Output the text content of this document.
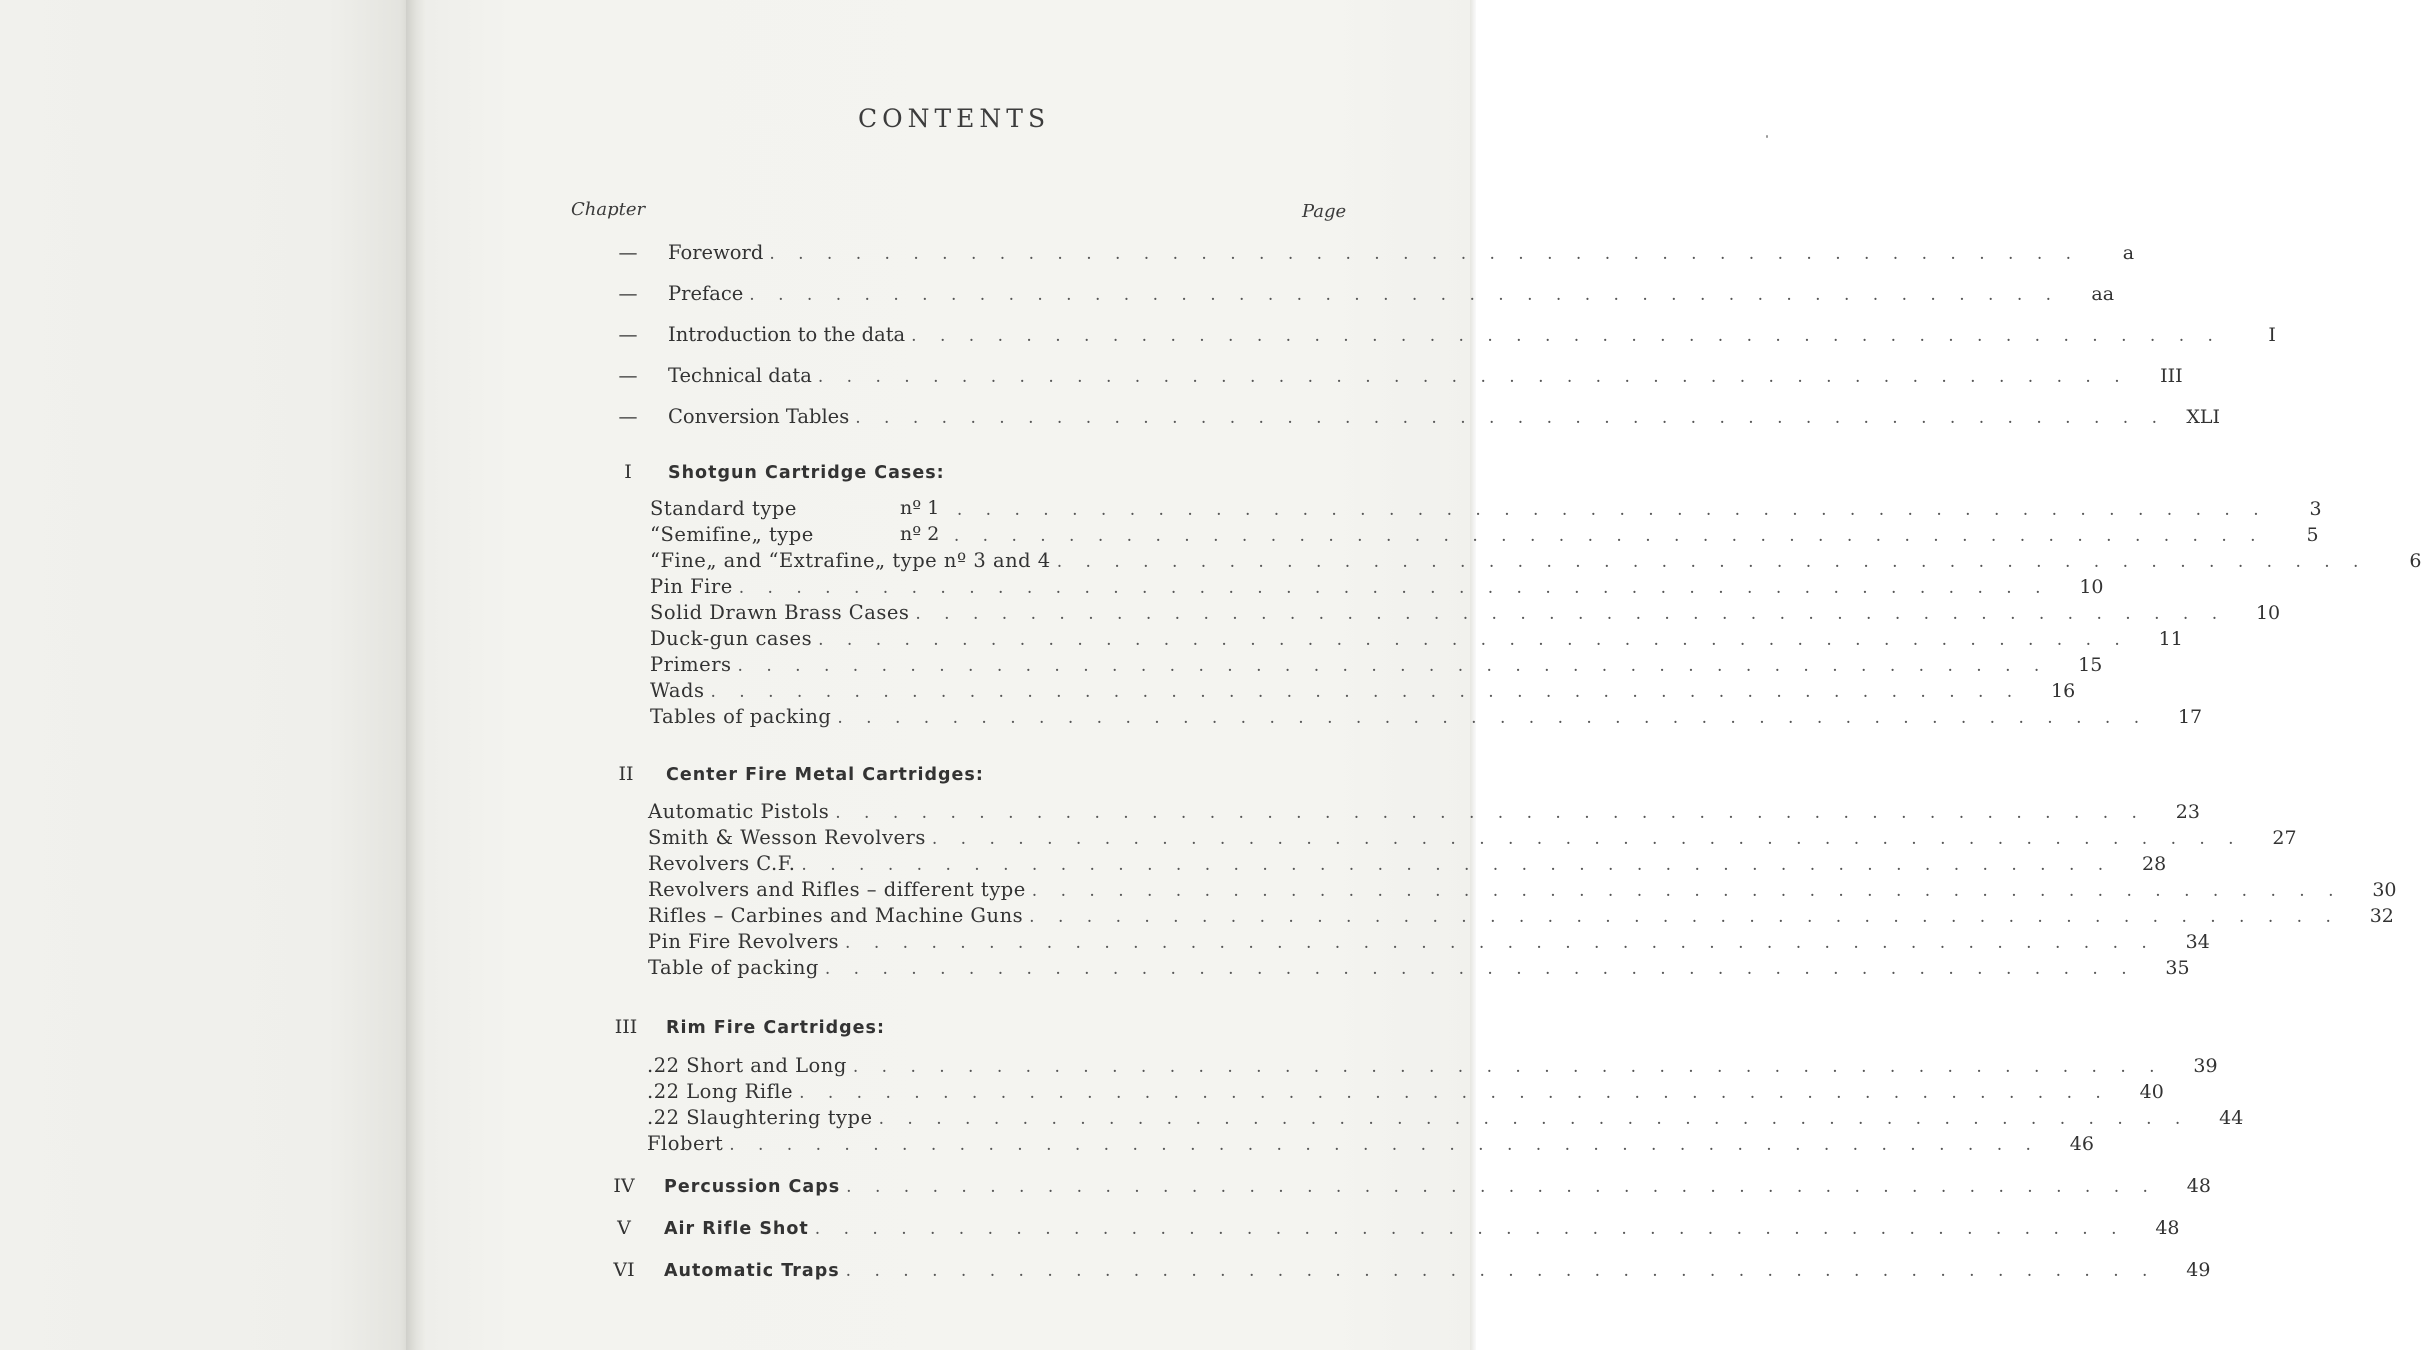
CONTENTS
Chapter	Page
—	Foreword . . . . . . . . . . . . . . . . . . . . . . . . . . . . . . . . . . . . . . . . . . . . . .	a
—	Preface . . . . . . . . . . . . . . . . . . . . . . . . . . . . . . . . . . . . . . . . . . . . . .	aa
—	Introduction to the data . . . . . . . . . . . . . . . . . . . . . . . . . . . . . . . . . . . . . . . . . . . . . .	I
—	Technical data . . . . . . . . . . . . . . . . . . . . . . . . . . . . . . . . . . . . . . . . . . . . . .	III
—	Conversion Tables . . . . . . . . . . . . . . . . . . . . . . . . . . . . . . . . . . . . . . . . . . . . . .	XLI
I	Shotgun Cartridge Cases:
Standard type	nº 1 . . . . . . . . . . . . . . . . . . . . . . . . . . . . . . . . . . . . . . . . . . . . . .	3
“Semifine„ type	nº 2 . . . . . . . . . . . . . . . . . . . . . . . . . . . . . . . . . . . . . . . . . . . . . .	5
“Fine„ and “Extrafine„ type nº 3 and 4 . . . . . . . . . . . . . . . . . . . . . . . . . . . . . . . . . . . . . . . . . . . . . .	6
Pin Fire . . . . . . . . . . . . . . . . . . . . . . . . . . . . . . . . . . . . . . . . . . . . . .	10
Solid Drawn Brass Cases . . . . . . . . . . . . . . . . . . . . . . . . . . . . . . . . . . . . . . . . . . . . . .	10
Duck-gun cases . . . . . . . . . . . . . . . . . . . . . . . . . . . . . . . . . . . . . . . . . . . . . .	11
Primers . . . . . . . . . . . . . . . . . . . . . . . . . . . . . . . . . . . . . . . . . . . . . .	15
Wads . . . . . . . . . . . . . . . . . . . . . . . . . . . . . . . . . . . . . . . . . . . . . .	16
Tables of packing . . . . . . . . . . . . . . . . . . . . . . . . . . . . . . . . . . . . . . . . . . . . . .	17
II	Center Fire Metal Cartridges:
Automatic Pistols . . . . . . . . . . . . . . . . . . . . . . . . . . . . . . . . . . . . . . . . . . . . . .	23
Smith & Wesson Revolvers . . . . . . . . . . . . . . . . . . . . . . . . . . . . . . . . . . . . . . . . . . . . . .	27
Revolvers C.F. . . . . . . . . . . . . . . . . . . . . . . . . . . . . . . . . . . . . . . . . . . . . . .	28
Revolvers and Rifles – different type . . . . . . . . . . . . . . . . . . . . . . . . . . . . . . . . . . . . . . . . . . . . . .	30
Rifles – Carbines and Machine Guns . . . . . . . . . . . . . . . . . . . . . . . . . . . . . . . . . . . . . . . . . . . . . .	32
Pin Fire Revolvers . . . . . . . . . . . . . . . . . . . . . . . . . . . . . . . . . . . . . . . . . . . . . .	34
Table of packing . . . . . . . . . . . . . . . . . . . . . . . . . . . . . . . . . . . . . . . . . . . . . .	35
III	Rim Fire Cartridges:
.22 Short and Long . . . . . . . . . . . . . . . . . . . . . . . . . . . . . . . . . . . . . . . . . . . . . .	39
.22 Long Rifle . . . . . . . . . . . . . . . . . . . . . . . . . . . . . . . . . . . . . . . . . . . . . .	40
.22 Slaughtering type . . . . . . . . . . . . . . . . . . . . . . . . . . . . . . . . . . . . . . . . . . . . . .	44
Flobert . . . . . . . . . . . . . . . . . . . . . . . . . . . . . . . . . . . . . . . . . . . . . .	46
IV	Percussion Caps . . . . . . . . . . . . . . . . . . . . . . . . . . . . . . . . . . . . . . . . . . . . . .	48
V	Air Rifle Shot . . . . . . . . . . . . . . . . . . . . . . . . . . . . . . . . . . . . . . . . . . . . . .	48
VI	Automatic Traps . . . . . . . . . . . . . . . . . . . . . . . . . . . . . . . . . . . . . . . . . . . . . .	49
